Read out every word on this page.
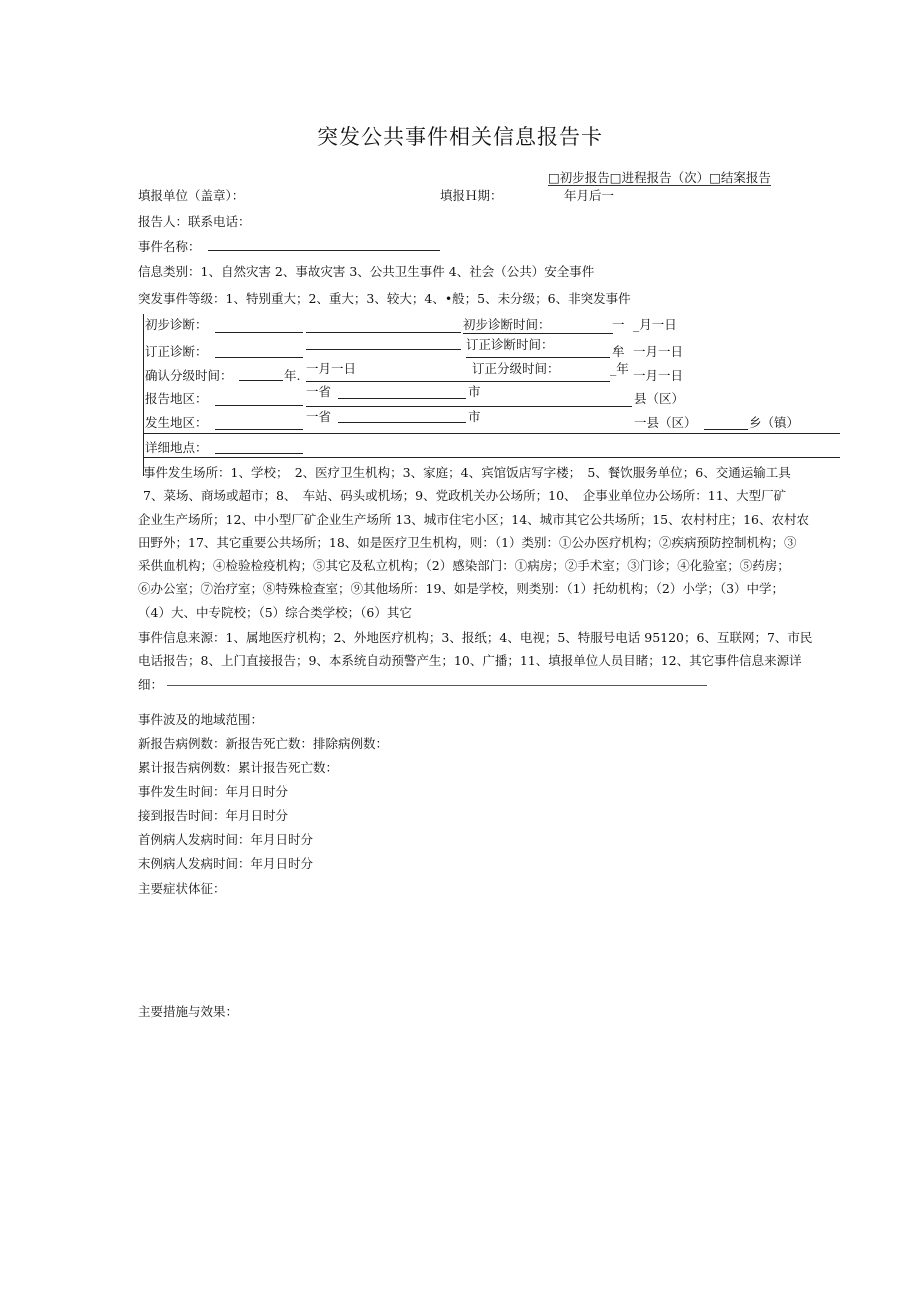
突发公共事件相关信息报告卡
□初步报告□进程报告（次）□结案报告
填报单位（盖章）：	填报Ｈ期：	年月后一
报告人：联系电话：
事件名称：
信息类别：1、自然灾害 2、事故灾害 3、公共卫生事件 4、社会（公共）安全事件
突发事件等级：1、特别重大；2、重大；3、较大；4、•般；5、未分级；6、非突发事件
初步诊断：	初步诊断时间：	一 _月一日
订正诊断：	订正诊断时间：	牟 一月一日
确认分级时间：	年. 一月一日	订正分级时间：	_年 一月一日
报告地区：	一省	市	县（区）
发生地区：	一省	市	一县（区）	乡（镇）
详细地点：
事件发生场所：1、学校；　2、医疗卫生机构；3、家庭；4、宾馆饭店写字楼；　5、餐饮服务单位；6、交通运输工具
7、菜场、商场或超市；8、　车站、码头或机场；9、党政机关办公场所；10、　企事业单位办公场所：11、大型厂矿
企业生产场所；12、中小型厂矿企业生产场所 13、城市住宅小区；14、城市其它公共场所；15、农村村庄；16、农村农
田野外；17、其它重要公共场所；18、如是医疗卫生机构，则：（1）类别：①公办医疗机构；②疾病预防控制机构；③
采供血机构；④检验检疫机构；⑤其它及私立机构；（2）感染部门：①病房；②手术室；③门诊；④化验室；⑤药房；
⑥办公室；⑦治疗室；⑧特殊检查室；⑨其他场所：19、如是学校，则类别：（1）托幼机构；（2）小学；（3）中学；
（4）大、中专院校；（5）综合类学校；（6）其它
事件信息来源：1、属地医疗机构；2、外地医疗机构；3、报纸；4、电视；5、特服号电话 95120；6、互联网；7、市民
电话报告；8、上门直接报告；9、本系统自动预警产生；10、广播；11、填报单位人员目睹；12、其它事件信息来源详
细：
事件波及的地域范围：
新报告病例数：新报告死亡数：排除病例数：
累计报告病例数：累计报告死亡数：
事件发生时间：年月日时分
接到报告时间：年月日时分
首例病人发病时间：年月日时分
末例病人发病时间：年月日时分
主要症状体征：
主要措施与效果：
